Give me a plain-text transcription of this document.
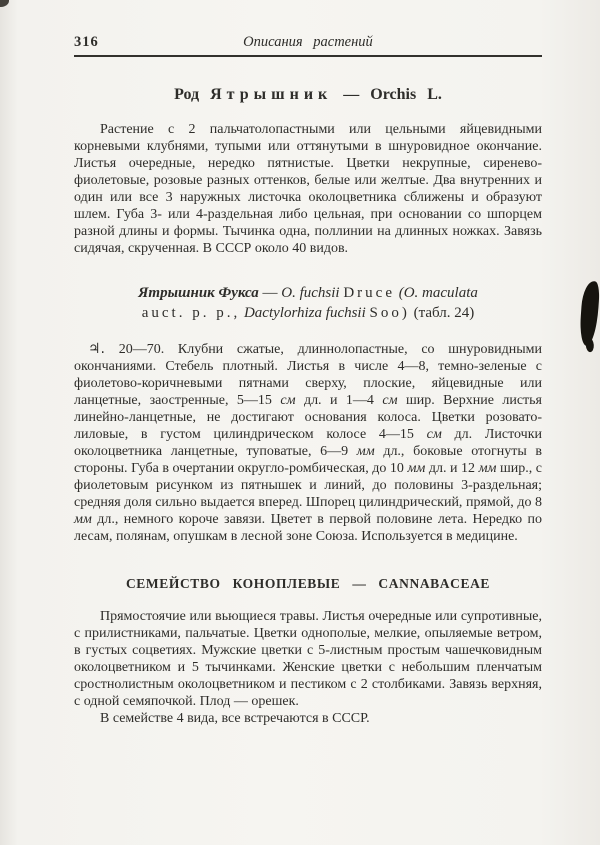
316	Описания растений
Род Ятрышник — Orchis L.

Растение с 2 пальчатолопастными или цельными яйцевидными корневыми клубнями, тупыми или оттянутыми в шнуровидное окончание. Листья очередные, нередко пятнистые. Цветки некрупные, сиренево-фиолетовые, розовые разных оттенков, белые или желтые. Два внутренних и один или все 3 наружных листочка околоцветника сближены и образуют шлем. Губа 3- или 4-раздельная либо цельная, при основании со шпорцем разной длины и формы. Тычинка одна, поллинии на длинных ножках. Завязь сидячая, скрученная. В СССР около 40 видов.

Ятрышник Фукса — O. fuchsii Druce (O. maculata
auct. p. p., Dactylorhiza fuchsii Soo) (табл. 24)

♃. 20—70. Клубни сжатые, длиннолопастные, со шнуровидными окончаниями. Стебель плотный. Листья в числе 4—8, темно-зеленые с фиолетово-коричневыми пятнами сверху, плоские, яйцевидные или ланцетные, заостренные, 5—15 см дл. и 1—4 см шир. Верхние листья линейно-ланцетные, не достигают основания колоса. Цветки розовато-лиловые, в густом цилиндрическом колосе 4—15 см дл. Листочки околоцветника ланцетные, туповатые, 6—9 мм дл., боковые отогнуты в стороны. Губа в очертании округло-ромбическая, до 10 мм дл. и 12 мм шир., с фиолетовым рисунком из пятнышек и линий, до половины 3-раздельная; средняя доля сильно выдается вперед. Шпорец цилиндрический, прямой, до 8 мм дл., немного короче завязи. Цветет в первой половине лета. Нередко по лесам, полянам, опушкам в лесной зоне Союза. Используется в медицине.

СЕМЕЙСТВО КОНОПЛЕВЫЕ — CANNABACEAE

Прямостоячие или вьющиеся травы. Листья очередные или супротивные, с прилистниками, пальчатые. Цветки однополые, мелкие, опыляемые ветром, в густых соцветиях. Мужские цветки с 5-листным простым чашечковидным околоцветником и 5 тычинками. Женские цветки с небольшим пленчатым сростнолистным околоцветником и пестиком с 2 столбиками. Завязь верхняя, с одной семяпочкой. Плод — орешек.

В семействе 4 вида, все встречаются в СССР.
